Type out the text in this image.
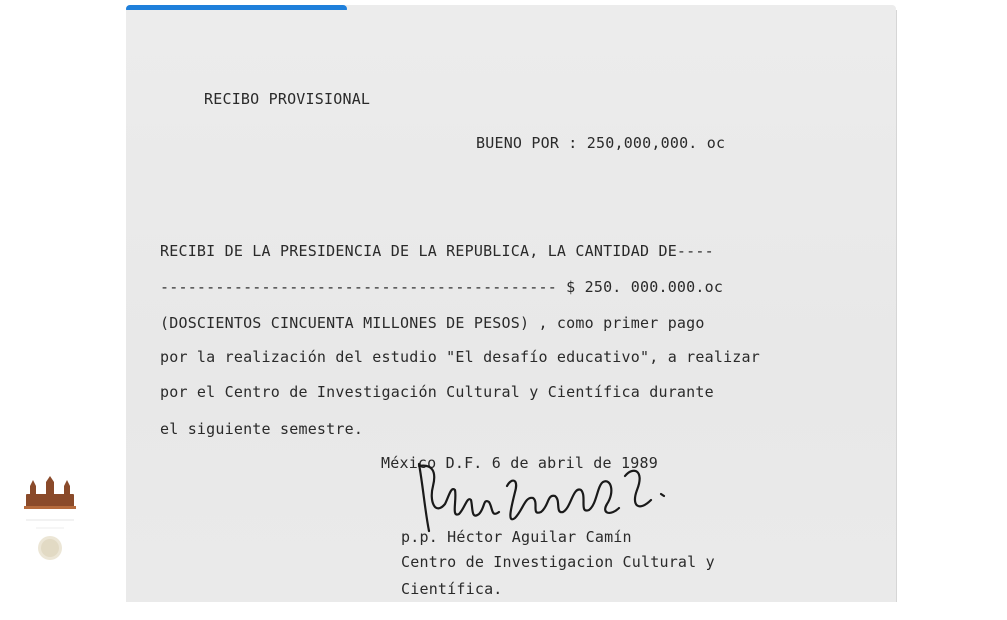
RECIBO PROVISIONAL
BUENO POR : 250,000,000. oc
RECIBI DE LA PRESIDENCIA DE LA REPUBLICA, LA CANTIDAD DE----
------------------------------------------- $ 250. 000.000.oc
(DOSCIENTOS CINCUENTA MILLONES DE PESOS) , como primer pago
por la realización del estudio "El desafío educativo", a realizar
por el Centro de Investigación Cultural y Científica durante
el siguiente semestre.
México D.F. 6 de abril de 1989
p.p. Héctor Aguilar Camín
Centro de Investigacion Cultural y
Científica.
